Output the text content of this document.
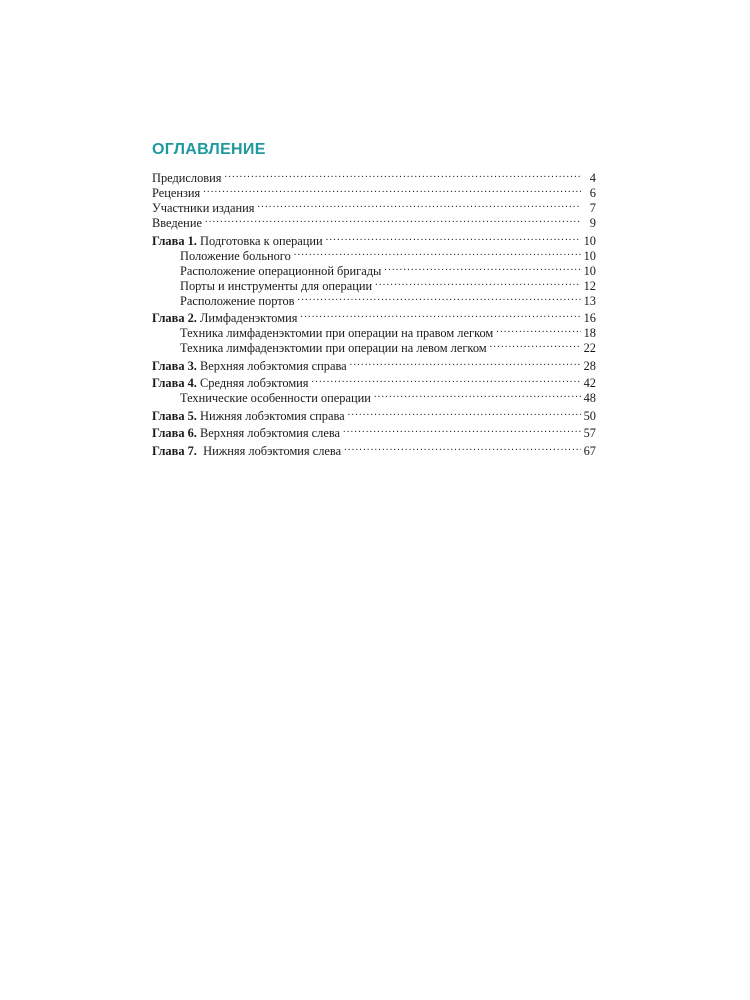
ОГЛАВЛЕНИЕ
Предисловия . . .	4
Рецензия . . .	6
Участники издания . . .	7
Введение . . .	9
Глава 1. Подготовка к операции . . .	10
Положение больного . . .	10
Расположение операционной бригады . . .	10
Порты и инструменты для операции . . .	12
Расположение портов . . .	13
Глава 2. Лимфаденэктомия . . .	16
Техника лимфаденэктомии при операции на правом легком . . .	18
Техника лимфаденэктомии при операции на левом легком . . .	22
Глава 3. Верхняя лобэктомия справа . . .	28
Глава 4. Средняя лобэктомия . . .	42
Технические особенности операции . . .	48
Глава 5. Нижняя лобэктомия справа . . .	50
Глава 6. Верхняя лобэктомия слева . . .	57
Глава 7.  Нижняя лобэктомия слева . . .	67
